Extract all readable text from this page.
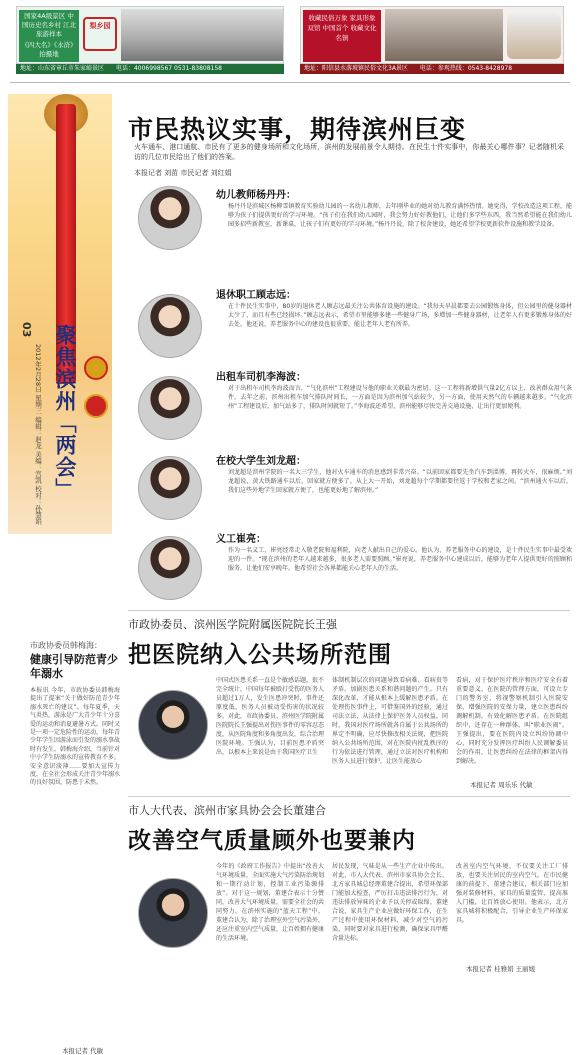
国家4A级景区 中国历史名乡村 江北旅游样本
《四大名》《水浒》 拍摄地
梨乡园
地址：山东省章丘市朱家峪景区 电话：4006998567 0531-83808158
收藏民俗万象 家具形象双馆 中国首个 收藏文化名镇
地址：阳信县水落坡镇民俗文化3A景区 电话：参观热线：0543-8428978
03
2012年2月28日 星期三 编辑：赵龙 美编：宫凯 校对：孙慧娟 聚焦滨州「两会」
市政协委员韩梅海：
健康引导防范青少年溺水
本报讯 今年，市政协委员韩梅海提出了提案“关于做好防范青少年溺水死亡的建议”。每年夏季，天气炎热，游泳是广大青少年十分喜爱的运动和消夏避暑方式。同时又是一项一定危险性的运动，每年青少年学生因游泳而引发的溺水事故时有发生。韩梅海介绍，当前针对中小学生防溺水的宣传教育不多，安全意识淡薄……要加大宣传力度，在全社会形成关注青少年溺水的良好氛围，防患于未然。
本报记者 代敏
市民热议实事，期待滨州巨变
火车通车、港口通航、市民有了更多的健身场所和文化场所，滨州的发展前景令人期待。在民生十件实事中，你最关心哪件事？记者随机采访的几位市民给出了他们的答案。
本报记者 刘苗 市民记者 刘红娟
幼儿教师杨丹丹：
杨丹丹是滨城区杨柳雪镇教育实验幼儿园的一名幼儿教师，去年刚毕业的她对幼儿教育满怀热情。她觉得，学校改造这项工程，能够为孩子们提供更好的学习环境。“孩子们在我们幼儿园时，我会努力好好教他们，让他们多学些东西，我当然希望能在我们幼儿园多招些新教室，新课桌，让孩子们有更好的学习环境。”杨丹丹说，除了校舍建设，她还希望学校更新软件设施和教学设备。
退休职工顾志远：
在十件民生实事中，80岁的退休老人顾志远最关注公共体育设施的建设。“我每天早晨都要去公园锻炼身体，但公园里的健身器材太少了，而且有些已经损坏。”顾志远表示，希望市里能够多建一些健身广场，多增加一些健身器材，让老年人有更多锻炼身体的好去处。他还说，养老服务中心的建设也很重要，能让老年人老有所养。
出租车司机李海波：
对于出租车司机李海波而言，“气化滨州”工程建设与他的职业关联最为密切。这一工程将新增供气量2亿方以上，改善群众用气条件。去年之前，滨州出租车加气排队时间长，一方面是因为滨州加气站较少，另一方面，使用天然气的车辆越来越多。“气化滨州”工程建设后，加气站多了，排队时间就短了。”李海波还希望，滨州能够尽快完善交通设施，让出行更加便利。
在校大学生刘龙超：
刘龙超是滨州学院的一名大三学生，他对火车通车的消息感到非常兴奋。“以前回家都要先坐汽车到淄博，再转火车，很麻烦。”刘龙超说，黄大铁路通车以后，回家就方便多了。从上大一开始，刘龙超每个学期都要往返于学校和老家之间。“滨州通火车以后，我们这些外地学生回家就方便了，也能更好地了解滨州。”
义工崔亮：
作为一名义工，崔亮经常走入敬老院和福利院，向老人献出自己的爱心。他认为，养老服务中心的建设，是十件民生实事中最受欢迎的一件。“现在滨州的老年人越来越多，很多老人需要照顾。”崔亮说，养老服务中心建成以后，能够为老年人提供更好的照顾和服务，让他们安享晚年。他希望社会各界都能关心老年人的生活。
市政协委员、滨州医学院附属医院院长王强
把医院纳入公共场所范围
中国式医患关系一直是个敏感话题，很不完全统计，中国每年被殴打受伤的医务人员超过1万人，发生医患冲突时，事件还原度低，医务人员被动受伤害的状况较多。对此，市政协委员、滨州医学院附属医院院长王强提出对伤医事件的零容忍态度，从医院角度和多角度出发，综合治理医院环境。王强认为，目前医患矛盾突出，以根本上来说是由于我国医疗卫生
体制机制层次的问题导致看病难、看病贵等矛盾。加剧医患关系和谐问题的产生。只有深化改革，才能从根本上缓解医患矛盾。在处理伤医事件上，可借鉴国外的经验，通过司法立法，从法律上保护医务人员权益。同时，我国对医疗场所就各自属于公共场所的界定不明确，应尽快修改相关法规，把医院纳入公共场所范围，对在医院内扰乱秩序的行为依法进行管理，通过立法对医疗机构和医务人员进行保护，让医生能放心
看病，对于保护医疗秩序和医疗安全有着重要意义。在医院的管理方面，可设立专门的警务室，将视警察机制引入医院安保，增强医院的安保力量，建立医患纠纷调解机制，有效化解医患矛盾。在医院组织中，还存在一种群体，叫“职业医闹”。王强提出，要在医院内设立纠纷协调中心，同时充分发挥医疗纠纷人民调解委员会的作用，让医患纠纷在法律的框架内得到解决。
本报记者 周乐乐 代敏
市人大代表、滨州市家具协会会长董建合
改善空气质量顾外也要兼内
今年的《政府工作报告》中提出“改善大气环境质量，全面实施大气污染防治规划和一期行动计划，控制工业污染源排放”。对于这一规划，董建合表示十分赞同，改善大气环境质量，需要全社会的共同努力。在滨州实施的“蓝天工程”中，董建合认为，除了治理室外空气污染外，还应注重室内空气质量，让百姓拥有健康的生活环境。
居民发现，气味是从一些生产企业中传出。对此，市人大代表、滨州市家具协会会长、北方家具城总经理董建合提出，希望环保部门能加大检查，严厉打击违法排污行为，对违法排放异味的企业予以关停或取缔。董建合说，家具生产企业应做好环保工作，在生产过程中使用环保材料，减少对空气的污染，同时要对家具进行检测，确保家具甲醛含量达标。
改善室内空气环境，不仅要关注工厂排放，也要关注居民的室内空气。在市民健康的前提下，董建合建议，相关部门应加强对装修材料、家具的质量监管，提高准入门槛，让百姓放心使用。他表示，北方家具城将积极配合，引导企业生产环保家具。
本报记者 桂雅娟 王丽媛
